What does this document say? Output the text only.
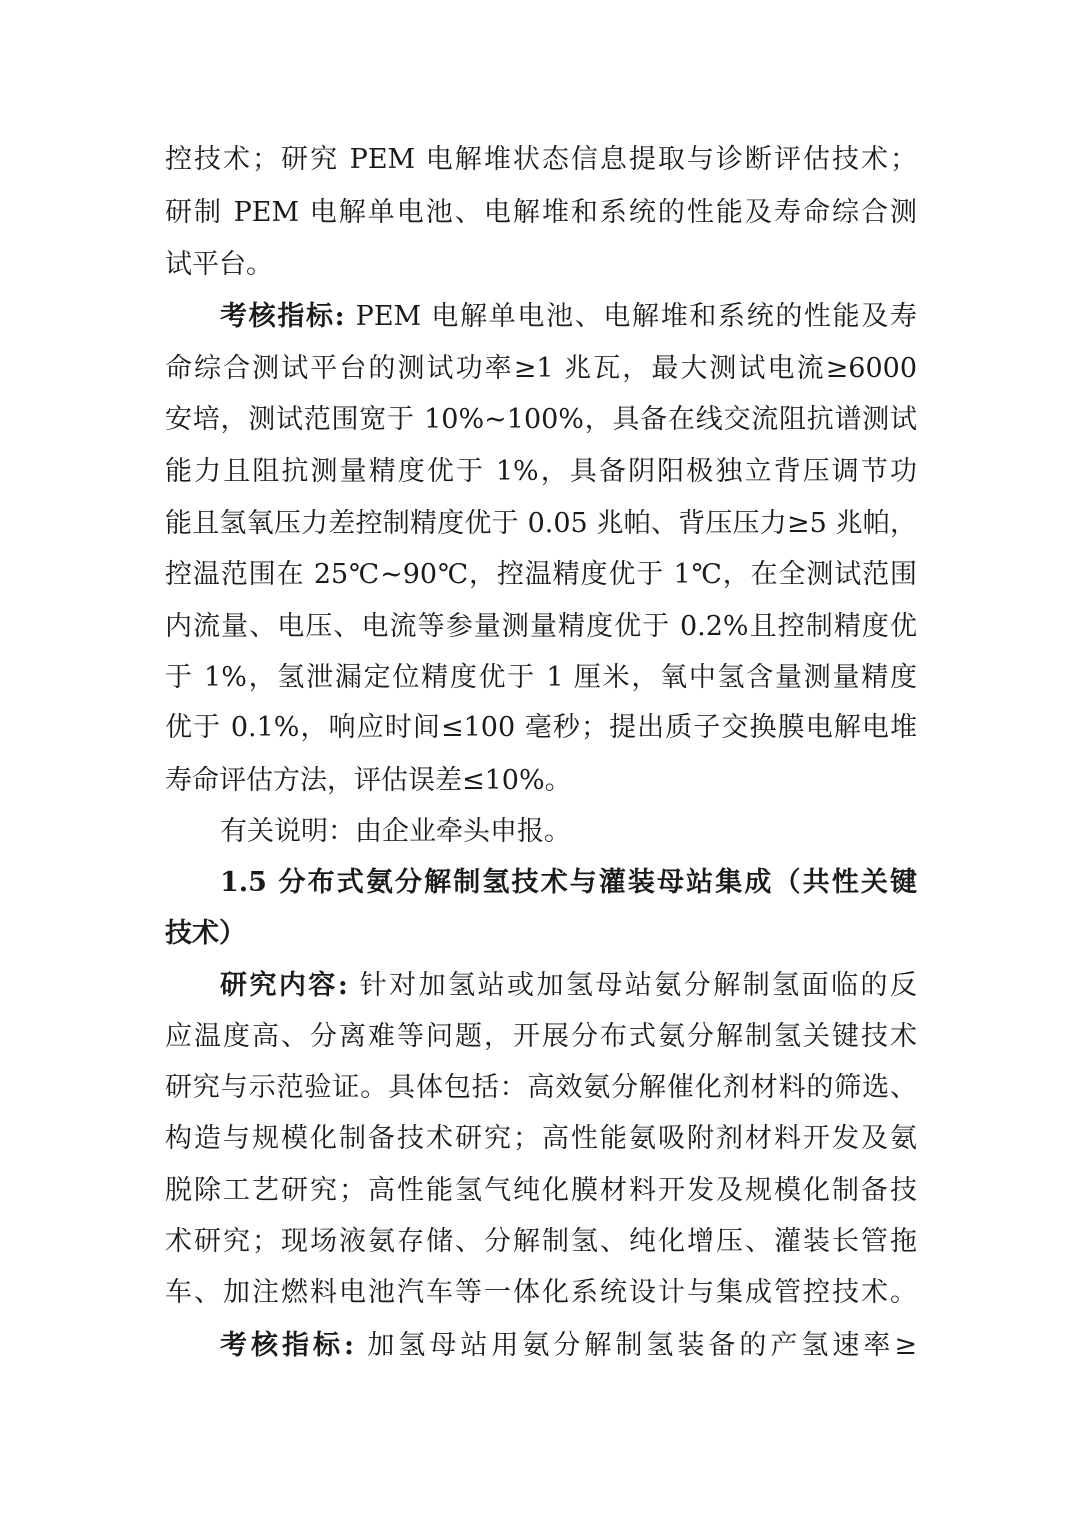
控技术；研究 PEM 电解堆状态信息提取与诊断评估技术；
研制 PEM 电解单电池、电解堆和系统的性能及寿命综合测
试平台。
考核指标: PEM 电解单电池、电解堆和系统的性能及寿
命综合测试平台的测试功率≥1 兆瓦，最大测试电流≥6000
安培，测试范围宽于 10%~100%，具备在线交流阻抗谱测试
能力且阻抗测量精度优于 1%，具备阴阳极独立背压调节功
能且氢氧压力差控制精度优于 0.05 兆帕、背压压力≥5 兆帕，
控温范围在 25℃~90℃，控温精度优于 1℃，在全测试范围
内流量、电压、电流等参量测量精度优于 0.2%且控制精度优
于 1%，氢泄漏定位精度优于 1 厘米，氧中氢含量测量精度
优于 0.1%，响应时间≤100 毫秒；提出质子交换膜电解电堆
寿命评估方法，评估误差≤10%。
有关说明：由企业牵头申报。
1.5 分布式氨分解制氢技术与灌装母站集成（共性关键
技术）
研究内容: 针对加氢站或加氢母站氨分解制氢面临的反
应温度高、分离难等问题，开展分布式氨分解制氢关键技术
研究与示范验证。具体包括：高效氨分解催化剂材料的筛选、
构造与规模化制备技术研究；高性能氨吸附剂材料开发及氨
脱除工艺研究；高性能氢气纯化膜材料开发及规模化制备技
术研究；现场液氨存储、分解制氢、纯化增压、灌装长管拖
车、加注燃料电池汽车等一体化系统设计与集成管控技术。
考核指标: 加氢母站用氨分解制氢装备的产氢速率≥
